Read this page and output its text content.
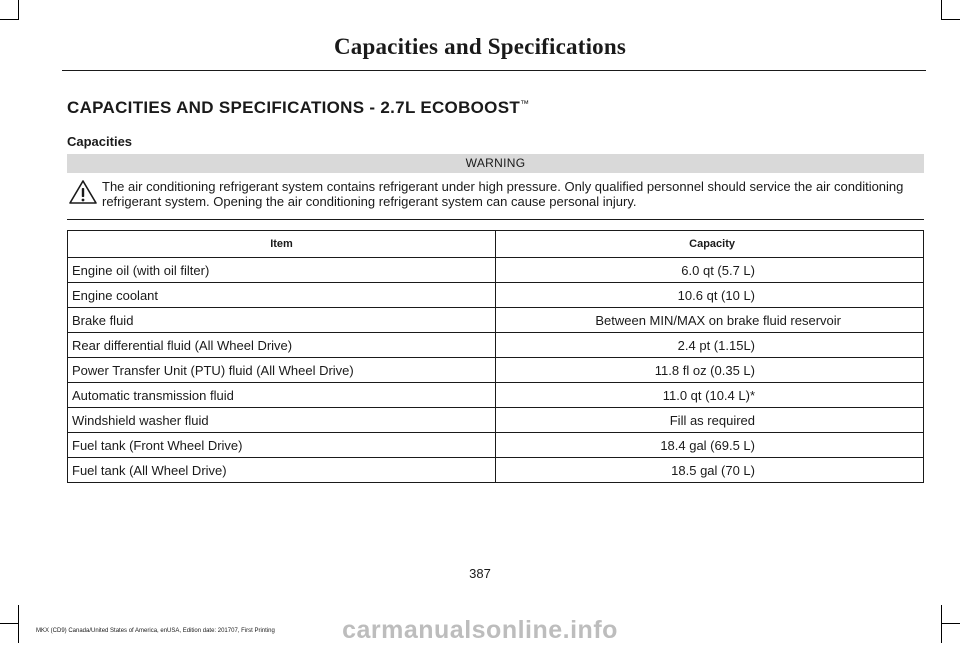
Capacities and Specifications
CAPACITIES AND SPECIFICATIONS - 2.7L ECOBOOST™
Capacities
WARNING
The air conditioning refrigerant system contains refrigerant under high pressure. Only qualified personnel should service the air conditioning refrigerant system. Opening the air conditioning refrigerant system can cause personal injury.
Item	Capacity
Engine oil (with oil filter)	6.0 qt (5.7 L)
Engine coolant	10.6 qt (10 L)
Brake fluid	Between MIN/MAX on brake fluid reservoir
Rear differential fluid (All Wheel Drive)	2.4 pt (1.15L)
Power Transfer Unit (PTU) fluid (All Wheel Drive)	11.8 fl oz (0.35 L)
Automatic transmission fluid	11.0 qt (10.4 L)*
Windshield washer fluid	Fill as required
Fuel tank (Front Wheel Drive)	18.4 gal (69.5 L)
Fuel tank (All Wheel Drive)	18.5 gal (70 L)
387
carmanualsonline.info
MKX (CD9) Canada/United States of America, enUSA, Edition date: 201707, First Printing
